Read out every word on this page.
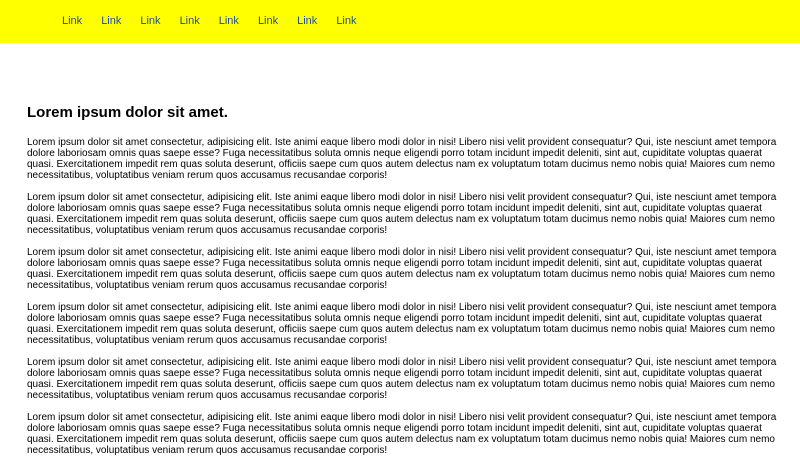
Link Link Link Link Link Link Link Link
Lorem ipsum dolor sit amet.

Lorem ipsum dolor sit amet consectetur, adipisicing elit. Iste animi eaque libero modi dolor in nisi! Libero nisi velit provident consequatur? Qui, iste nesciunt amet tempora dolore laboriosam omnis quas saepe esse? Fuga necessitatibus soluta omnis neque eligendi porro totam incidunt impedit deleniti, sint aut, cupiditate voluptas quaerat quasi. Exercitationem impedit rem quas soluta deserunt, officiis saepe cum quos autem delectus nam ex voluptatum totam ducimus nemo nobis quia! Maiores cum nemo necessitatibus, voluptatibus veniam rerum quos accusamus recusandae corporis!

Lorem ipsum dolor sit amet consectetur, adipisicing elit. Iste animi eaque libero modi dolor in nisi! Libero nisi velit provident consequatur? Qui, iste nesciunt amet tempora dolore laboriosam omnis quas saepe esse? Fuga necessitatibus soluta omnis neque eligendi porro totam incidunt impedit deleniti, sint aut, cupiditate voluptas quaerat quasi. Exercitationem impedit rem quas soluta deserunt, officiis saepe cum quos autem delectus nam ex voluptatum totam ducimus nemo nobis quia! Maiores cum nemo necessitatibus, voluptatibus veniam rerum quos accusamus recusandae corporis!

Lorem ipsum dolor sit amet consectetur, adipisicing elit. Iste animi eaque libero modi dolor in nisi! Libero nisi velit provident consequatur? Qui, iste nesciunt amet tempora dolore laboriosam omnis quas saepe esse? Fuga necessitatibus soluta omnis neque eligendi porro totam incidunt impedit deleniti, sint aut, cupiditate voluptas quaerat quasi. Exercitationem impedit rem quas soluta deserunt, officiis saepe cum quos autem delectus nam ex voluptatum totam ducimus nemo nobis quia! Maiores cum nemo necessitatibus, voluptatibus veniam rerum quos accusamus recusandae corporis!

Lorem ipsum dolor sit amet consectetur, adipisicing elit. Iste animi eaque libero modi dolor in nisi! Libero nisi velit provident consequatur? Qui, iste nesciunt amet tempora dolore laboriosam omnis quas saepe esse? Fuga necessitatibus soluta omnis neque eligendi porro totam incidunt impedit deleniti, sint aut, cupiditate voluptas quaerat quasi. Exercitationem impedit rem quas soluta deserunt, officiis saepe cum quos autem delectus nam ex voluptatum totam ducimus nemo nobis quia! Maiores cum nemo necessitatibus, voluptatibus veniam rerum quos accusamus recusandae corporis!

Lorem ipsum dolor sit amet consectetur, adipisicing elit. Iste animi eaque libero modi dolor in nisi! Libero nisi velit provident consequatur? Qui, iste nesciunt amet tempora dolore laboriosam omnis quas saepe esse? Fuga necessitatibus soluta omnis neque eligendi porro totam incidunt impedit deleniti, sint aut, cupiditate voluptas quaerat quasi. Exercitationem impedit rem quas soluta deserunt, officiis saepe cum quos autem delectus nam ex voluptatum totam ducimus nemo nobis quia! Maiores cum nemo necessitatibus, voluptatibus veniam rerum quos accusamus recusandae corporis!

Lorem ipsum dolor sit amet consectetur, adipisicing elit. Iste animi eaque libero modi dolor in nisi! Libero nisi velit provident consequatur? Qui, iste nesciunt amet tempora dolore laboriosam omnis quas saepe esse? Fuga necessitatibus soluta omnis neque eligendi porro totam incidunt impedit deleniti, sint aut, cupiditate voluptas quaerat quasi. Exercitationem impedit rem quas soluta deserunt, officiis saepe cum quos autem delectus nam ex voluptatum totam ducimus nemo nobis quia! Maiores cum nemo necessitatibus, voluptatibus veniam rerum quos accusamus recusandae corporis!
